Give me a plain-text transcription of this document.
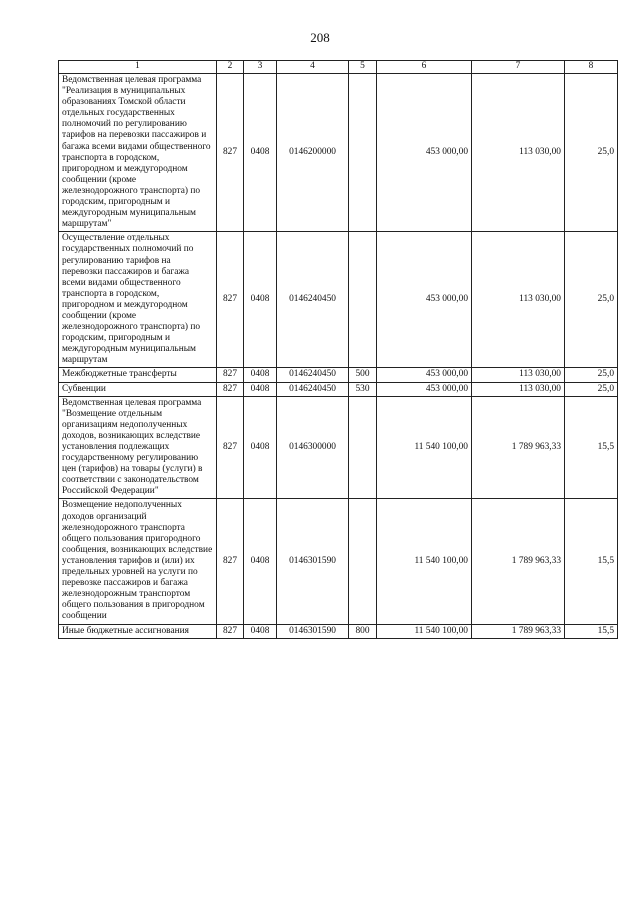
208
1	2	3	4	5	6	7	8
Ведомственная целевая программа "Реализация в муниципальных образованиях Томской области отдельных государственных полномочий по регулированию тарифов на перевозки пассажиров и багажа всеми видами общественного транспорта в городском, пригородном и междугородном сообщении (кроме железнодорожного транспорта) по городским, пригородным и междугородным муниципальным маршрутам"	827	0408	0146200000		453 000,00	113 030,00	25,0
Осуществление отдельных государственных полномочий по регулированию тарифов на перевозки пассажиров и багажа всеми видами общественного транспорта в городском, пригородном и междугородном сообщении (кроме железнодорожного транспорта) по городским, пригородным и междугородным муниципальным маршрутам	827	0408	0146240450		453 000,00	113 030,00	25,0
Межбюджетные трансферты	827	0408	0146240450	500	453 000,00	113 030,00	25,0
Субвенции	827	0408	0146240450	530	453 000,00	113 030,00	25,0
Ведомственная целевая программа "Возмещение отдельным организациям недополученных доходов, возникающих вследствие установления подлежащих государственному регулированию цен (тарифов) на товары (услуги) в соответствии с законодательством Российской Федерации"	827	0408	0146300000		11 540 100,00	1 789 963,33	15,5
Возмещение недополученных доходов организаций железнодорожного транспорта общего пользования пригородного сообщения, возникающих вследствие установления тарифов и (или) их предельных уровней на услуги по перевозке пассажиров и багажа железнодорожным транспортом общего пользования в пригородном сообщении	827	0408	0146301590		11 540 100,00	1 789 963,33	15,5
Иные бюджетные ассигнования	827	0408	0146301590	800	11 540 100,00	1 789 963,33	15,5
